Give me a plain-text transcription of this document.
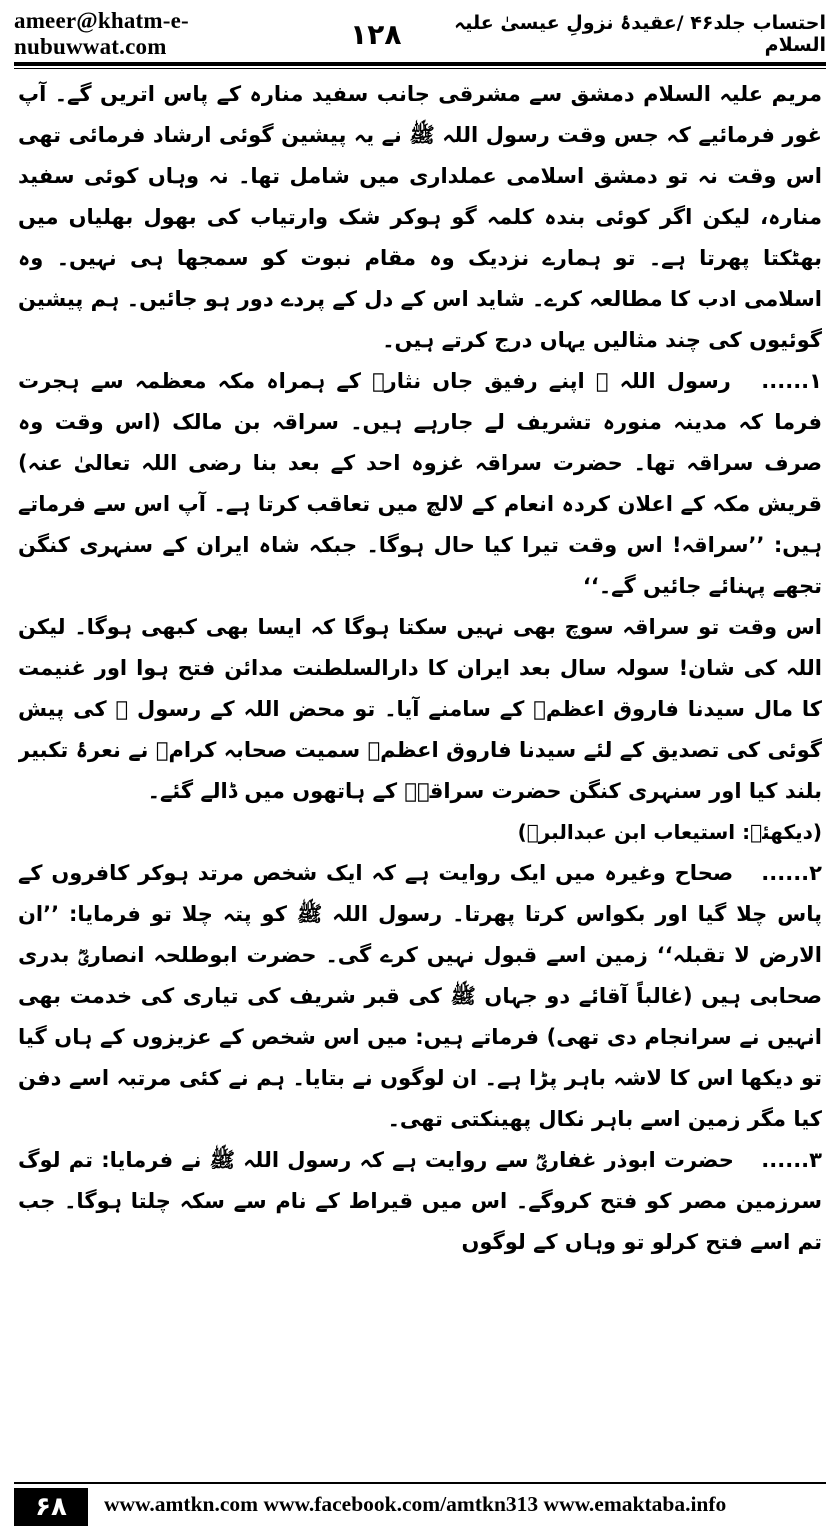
ameer@khatm-e-nubuwwat.com	۱۲۸	احتساب جلد۴۶ /عقیدۂ نزولِ عیسیٰ علیہ السلام

مریم علیہ السلام دمشق سے مشرقی جانب سفید منارہ کے پاس اتریں گے۔ آپ غور فرمائیے کہ جس وقت رسول اللہ ﷺ نے یہ پیشین گوئی ارشاد فرمائی تھی اس وقت نہ تو دمشق اسلامی عملداری میں شامل تھا۔ نہ وہاں کوئی سفید منارہ، لیکن اگر کوئی بندہ کلمہ گو ہوکر شک وارتیاب کی بھول بھلیاں میں بھٹکتا پھرتا ہے۔ تو ہمارے نزدیک وہ مقام نبوت کو سمجھا ہی نہیں۔ وہ اسلامی ادب کا مطالعہ کرے۔ شاید اس کے دل کے پردے دور ہو جائیں۔ ہم پیشین گوئیوں کی چند مثالیں یہاں درج کرتے ہیں۔

۱...... رسول اللہ ﷺ اپنے رفیق جاں نثارؓ کے ہمراہ مکہ معظمہ سے ہجرت فرما کہ مدینہ منورہ تشریف لے جارہے ہیں۔ سراقہ بن مالک (اس وقت وہ صرف سراقہ تھا۔ حضرت سراقہ غزوہ احد کے بعد بنا رضی اللہ تعالیٰ عنہ) قریش مکہ کے اعلان کردہ انعام کے لالچ میں تعاقب کرتا ہے۔ آپ اس سے فرماتے ہیں: ’’سراقہ! اس وقت تیرا کیا حال ہوگا۔ جبکہ شاہ ایران کے سنہری کنگن تجھے پہنائے جائیں گے۔‘‘

اس وقت تو سراقہ سوچ بھی نہیں سکتا ہوگا کہ ایسا بھی کبھی ہوگا۔ لیکن اللہ کی شان! سولہ سال بعد ایران کا دارالسلطنت مدائن فتح ہوا اور غنیمت کا مال سیدنا فاروق اعظمؓ کے سامنے آیا۔ تو محض اللہ کے رسول ﷺ کی پیش گوئی کی تصدیق کے لئے سیدنا فاروق اعظمؓ سمیت صحابہ کرامؓ نے نعرۂ تکبیر بلند کیا اور سنہری کنگن حضرت سراقہؓ کے ہاتھوں میں ڈالے گئے۔

(دیکھئے: استیعاب ابن عبدالبرؒ)

۲...... صحاح وغیرہ میں ایک روایت ہے کہ ایک شخص مرتد ہوکر کافروں کے پاس چلا گیا اور بکواس کرتا پھرتا۔ رسول اللہ ﷺ کو پتہ چلا تو فرمایا: ’’ان الارض لا تقبلہ‘‘ زمین اسے قبول نہیں کرے گی۔ حضرت ابوطلحہ انصاریؓ بدری صحابی ہیں (غالباً آقائے دو جہاں ﷺ کی قبر شریف کی تیاری کی خدمت بھی انہیں نے سرانجام دی تھی) فرماتے ہیں: میں اس شخص کے عزیزوں کے ہاں گیا تو دیکھا اس کا لاشہ باہر پڑا ہے۔ ان لوگوں نے بتایا۔ ہم نے کئی مرتبہ اسے دفن کیا مگر زمین اسے باہر نکال پھینکتی تھی۔

۳...... حضرت ابوذر غفاریؓ سے روایت ہے کہ رسول اللہ ﷺ نے فرمایا: تم لوگ سرزمین مصر کو فتح کروگے۔ اس میں قیراط کے نام سے سکہ چلتا ہوگا۔ جب تم اسے فتح کرلو تو وہاں کے لوگوں

۶۸	www.amtkn.com www.facebook.com/amtkn313 www.emaktaba.info
